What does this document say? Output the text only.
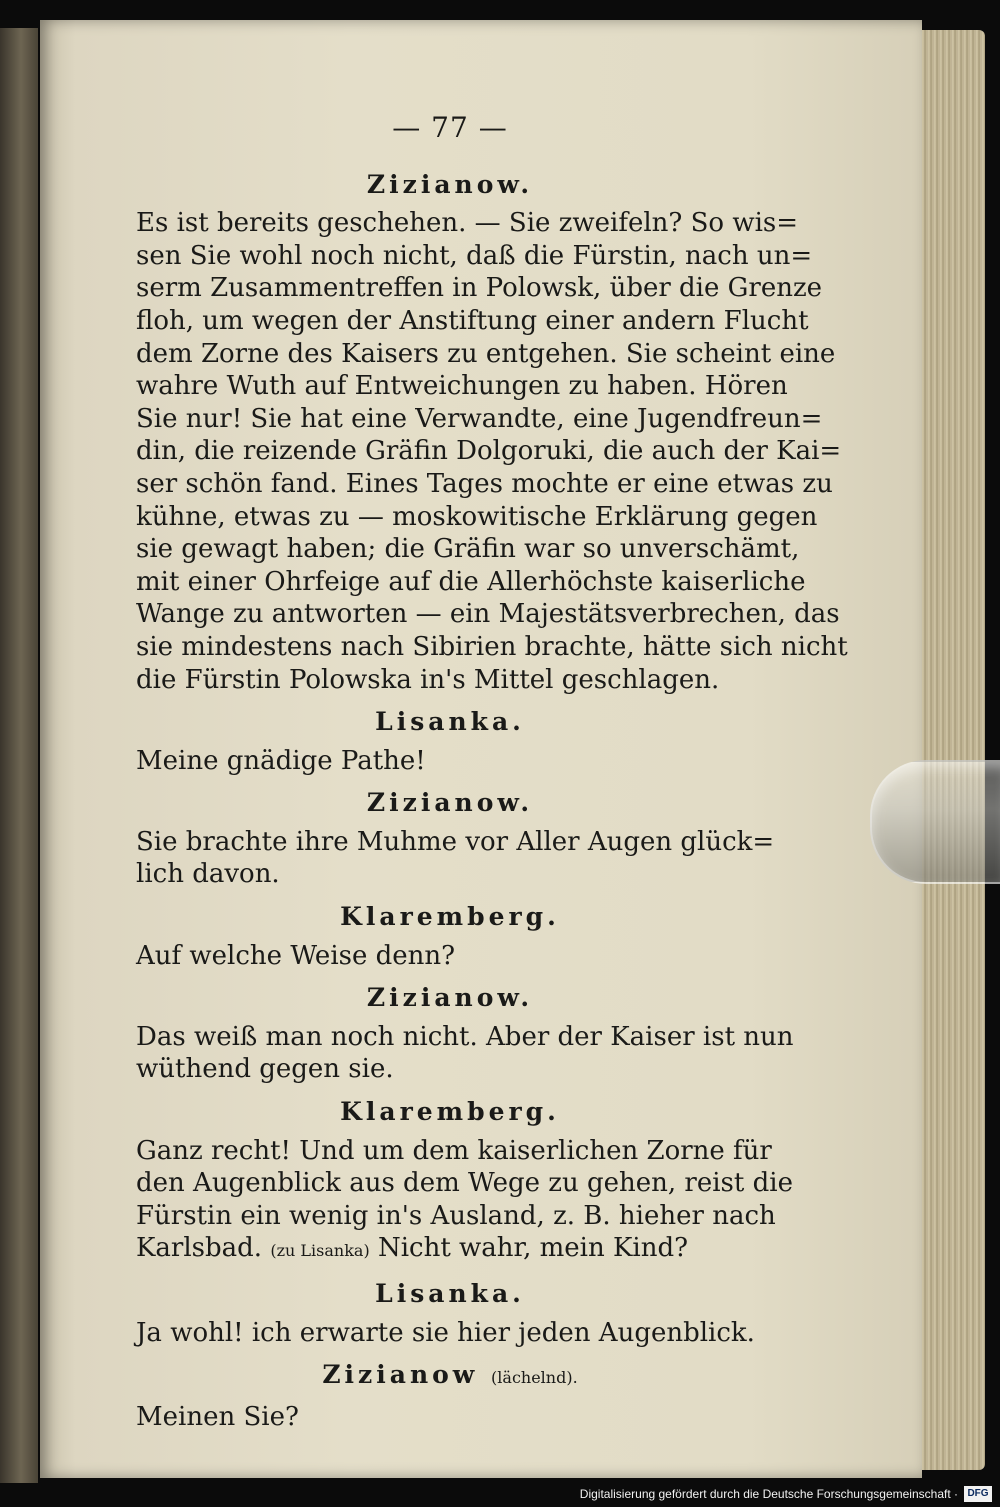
— 77 —
Zizianow.
Es ist bereits geschehen. — Sie zweifeln? So wis=
sen Sie wohl noch nicht, daß die Fürstin, nach un=
serm Zusammentreffen in Polowsk, über die Grenze
floh, um wegen der Anstiftung einer andern Flucht
dem Zorne des Kaisers zu entgehen. Sie scheint eine
wahre Wuth auf Entweichungen zu haben. Hören
Sie nur! Sie hat eine Verwandte, eine Jugendfreun=
din, die reizende Gräfin Dolgoruki, die auch der Kai=
ser schön fand. Eines Tages mochte er eine etwas zu
kühne, etwas zu — moskowitische Erklärung gegen
sie gewagt haben; die Gräfin war so unverschämt,
mit einer Ohrfeige auf die Allerhöchste kaiserliche
Wange zu antworten — ein Majestätsverbrechen, das
sie mindestens nach Sibirien brachte, hätte sich nicht
die Fürstin Polowska in's Mittel geschlagen.
Lisanka.
Meine gnädige Pathe!
Zizianow.
Sie brachte ihre Muhme vor Aller Augen glück=
lich davon.
Klaremberg.
Auf welche Weise denn?
Zizianow.
Das weiß man noch nicht. Aber der Kaiser ist nun
wüthend gegen sie.
Klaremberg.
Ganz recht! Und um dem kaiserlichen Zorne für
den Augenblick aus dem Wege zu gehen, reist die
Fürstin ein wenig in's Ausland, z. B. hieher nach
Karlsbad. (zu Lisanka) Nicht wahr, mein Kind?
Lisanka.
Ja wohl! ich erwarte sie hier jeden Augenblick.
Zizianow (lächelnd).
Meinen Sie?
Digitalisierung gefördert durch die Deutsche Forschungsgemeinschaft · DFG
